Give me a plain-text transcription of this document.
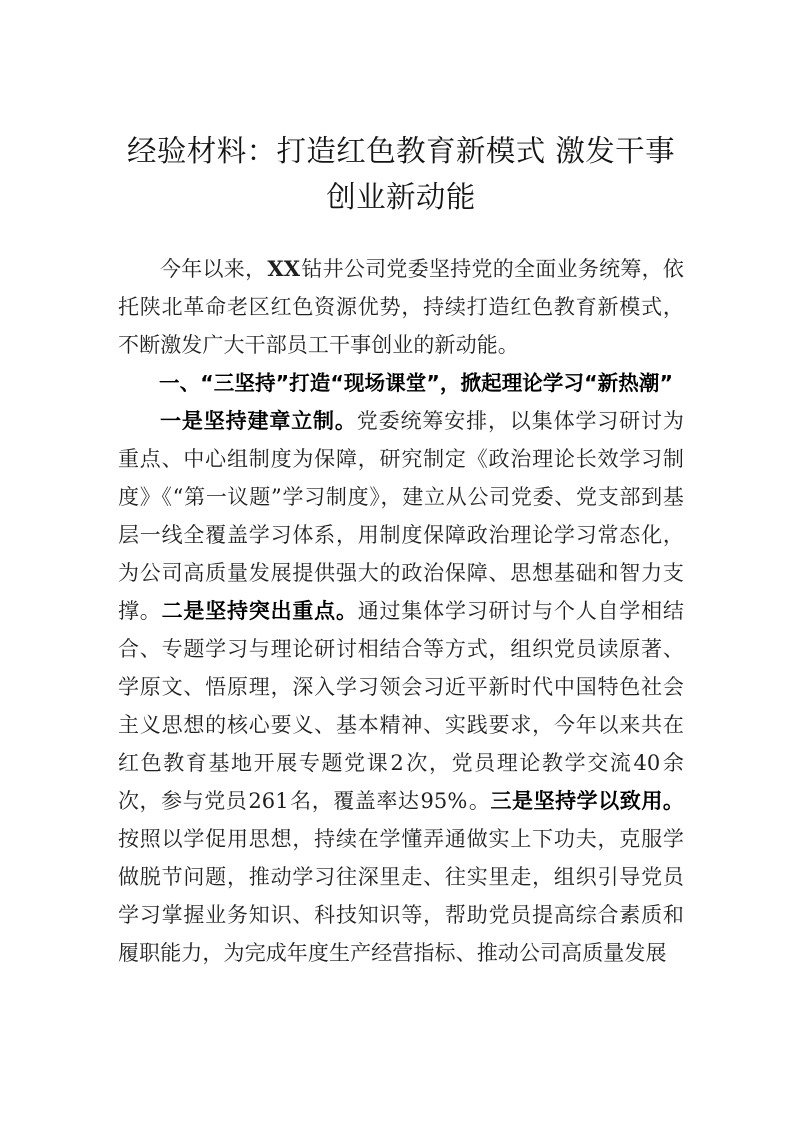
经验材料：打造红色教育新模式 激发干事
创业新动能

今年以来，XX钻井公司党委坚持党的全面业务统筹，依托陕北革命老区红色资源优势，持续打造红色教育新模式，不断激发广大干部员工干事创业的新动能。

一、“三坚持”打造“现场课堂”，掀起理论学习“新热潮”

一是坚持建章立制。党委统筹安排，以集体学习研讨为重点、中心组制度为保障，研究制定《政治理论长效学习制度》《“第一议题”学习制度》，建立从公司党委、党支部到基层一线全覆盖学习体系，用制度保障政治理论学习常态化，为公司高质量发展提供强大的政治保障、思想基础和智力支撑。二是坚持突出重点。通过集体学习研讨与个人自学相结合、专题学习与理论研讨相结合等方式，组织党员读原著、学原文、悟原理，深入学习领会习近平新时代中国特色社会主义思想的核心要义、基本精神、实践要求，今年以来共在红色教育基地开展专题党课2次，党员理论教学交流40余次，参与党员261名，覆盖率达95%。三是坚持学以致用。按照以学促用思想，持续在学懂弄通做实上下功夫，克服学做脱节问题，推动学习往深里走、往实里走，组织引导党员学习掌握业务知识、科技知识等，帮助党员提高综合素质和履职能力，为完成年度生产经营指标、推动公司高质量发展
